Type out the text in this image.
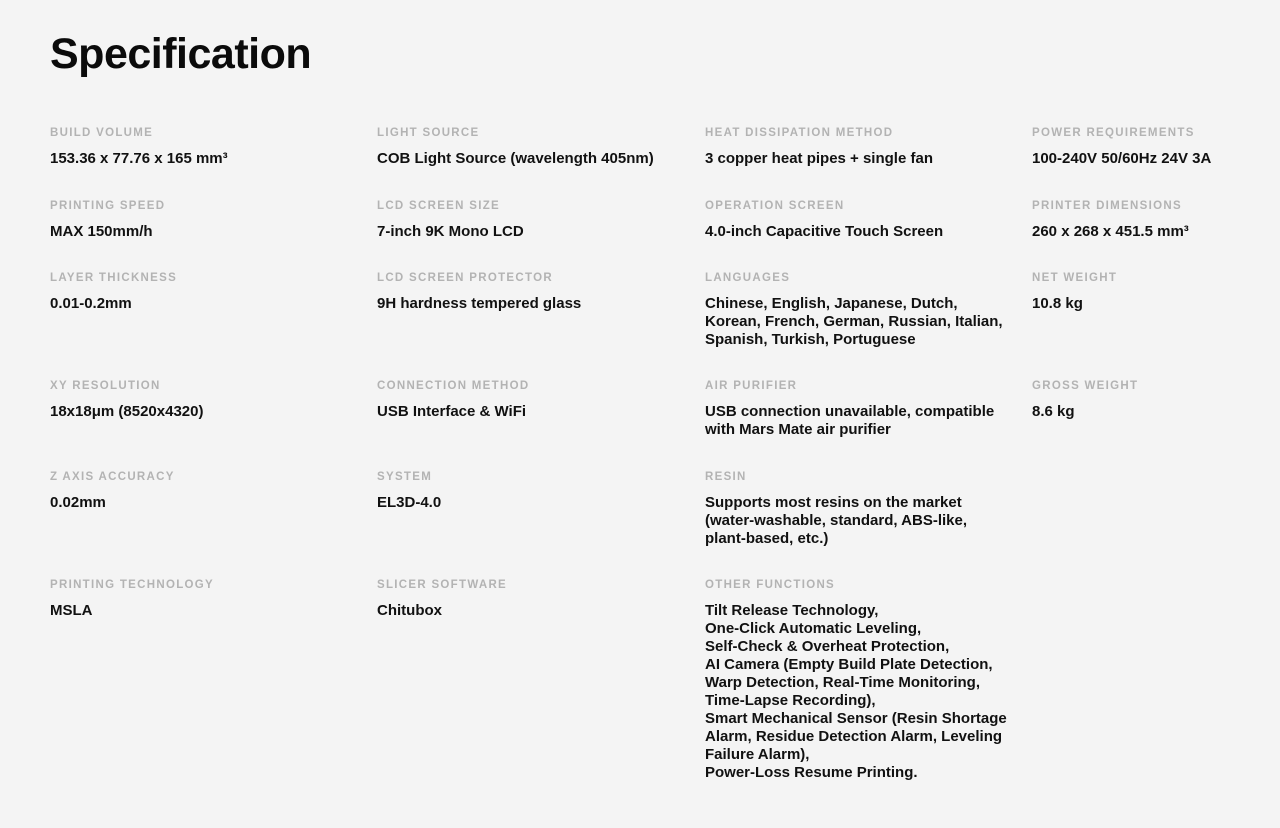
Specification
BUILD VOLUME
153.36 x 77.76 x 165 mm³
LIGHT SOURCE
COB Light Source (wavelength 405nm)
HEAT DISSIPATION METHOD
3 copper heat pipes + single fan
POWER REQUIREMENTS
100-240V 50/60Hz 24V 3A
PRINTING SPEED
MAX 150mm/h
LCD SCREEN SIZE
7-inch 9K Mono LCD
OPERATION SCREEN
4.0-inch Capacitive Touch Screen
PRINTER DIMENSIONS
260 x 268 x 451.5 mm³
LAYER THICKNESS
0.01-0.2mm
LCD SCREEN PROTECTOR
9H hardness tempered glass
LANGUAGES
Chinese, English, Japanese, Dutch,
Korean, French, German, Russian, Italian,
Spanish, Turkish, Portuguese
NET WEIGHT
10.8 kg
XY RESOLUTION
18x18μm (8520x4320)
CONNECTION METHOD
USB Interface & WiFi
AIR PURIFIER
USB connection unavailable, compatible
with Mars Mate air purifier
GROSS WEIGHT
8.6 kg
Z AXIS ACCURACY
0.02mm
SYSTEM
EL3D-4.0
RESIN
Supports most resins on the market
(water-washable, standard, ABS-like,
plant-based, etc.)
PRINTING TECHNOLOGY
MSLA
SLICER SOFTWARE
Chitubox
OTHER FUNCTIONS
Tilt Release Technology,
One-Click Automatic Leveling,
Self-Check & Overheat Protection,
AI Camera (Empty Build Plate Detection,
Warp Detection, Real-Time Monitoring,
Time-Lapse Recording),
Smart Mechanical Sensor (Resin Shortage
Alarm, Residue Detection Alarm, Leveling
Failure Alarm),
Power-Loss Resume Printing.
